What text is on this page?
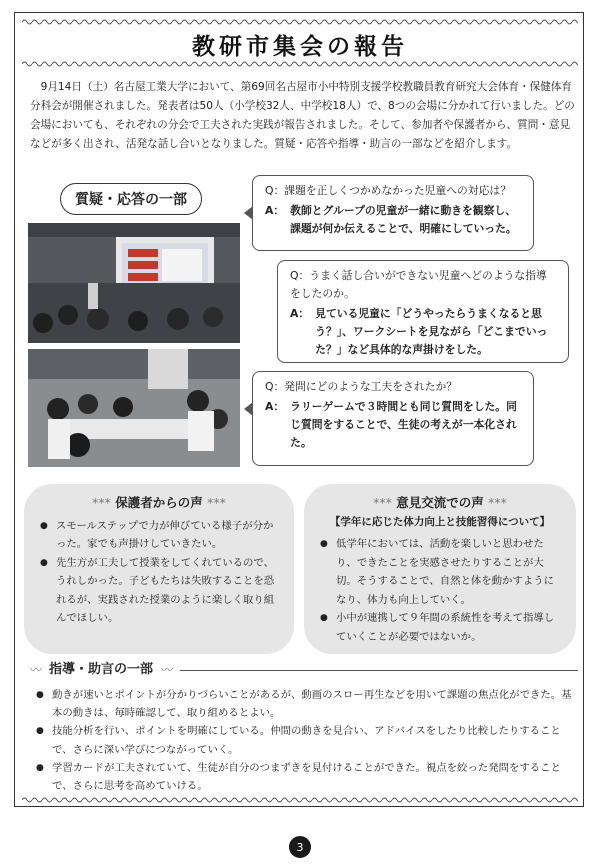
教研市集会の報告

9月14日（土）名古屋工業大学において、第69回名古屋市小中特別支援学校教職員教育研究大会体育・保健体育分科会が開催されました。発表者は50人（小学校32人、中学校18人）で、8つの会場に分かれて行いました。どの会場においても、それぞれの分会で工夫された実践が報告されました。そして、参加者や保護者から、質問・意見などが多く出され、活発な話し合いとなりました。質疑・応答や指導・助言の一部などを紹介します。

質疑・応答の一部

Q：課題を正しくつかめなかった児童への対応は？

A： 教師とグループの児童が一緒に動きを観察し、課題が何か伝えることで、明確にしていった。

Q：うまく話し合いができない児童へどのような指導をしたのか。

A： 見ている児童に「どうやったらうまくなると思う？」、ワークシートを見ながら「どこまでいった？」など具体的な声掛けをした。

Q：発問にどのような工夫をされたか？

A： ラリーゲームで３時間とも同じ質問をした。同じ質問をすることで、生徒の考えが一本化された。

*** 保護者からの声 ***
● スモールステップで力が伸びている様子が分かった。家でも声掛けしていきたい。
● 先生方が工夫して授業をしてくれているので、うれしかった。子どもたちは失敗することを恐れるが、実践された授業のように楽しく取り組んでほしい。
*** 意見交流での声 ***
【学年に応じた体力向上と技能習得について】
● 低学年においては、活動を楽しいと思わせたり、できたことを実感させたりすることが大切。そうすることで、自然と体を動かすようになり、体力も向上していく。
● 小中が連携して９年間の系統性を考えて指導していくことが必要ではないか。
〰 指導・助言の一部 〰
● 動きが速いとポイントが分かりづらいことがあるが、動画のスロー再生などを用いて課題の焦点化ができた。基本の動きは、毎時確認して、取り組めるとよい。
● 技能分析を行い、ポイントを明確にしている。仲間の動きを見合い、アドバイスをしたり比較したりすることで、さらに深い学びにつながっていく。
● 学習カードが工夫されていて、生徒が自分のつまずきを見付けることができた。視点を絞った発問をすることで、さらに思考を高めていける。
3
